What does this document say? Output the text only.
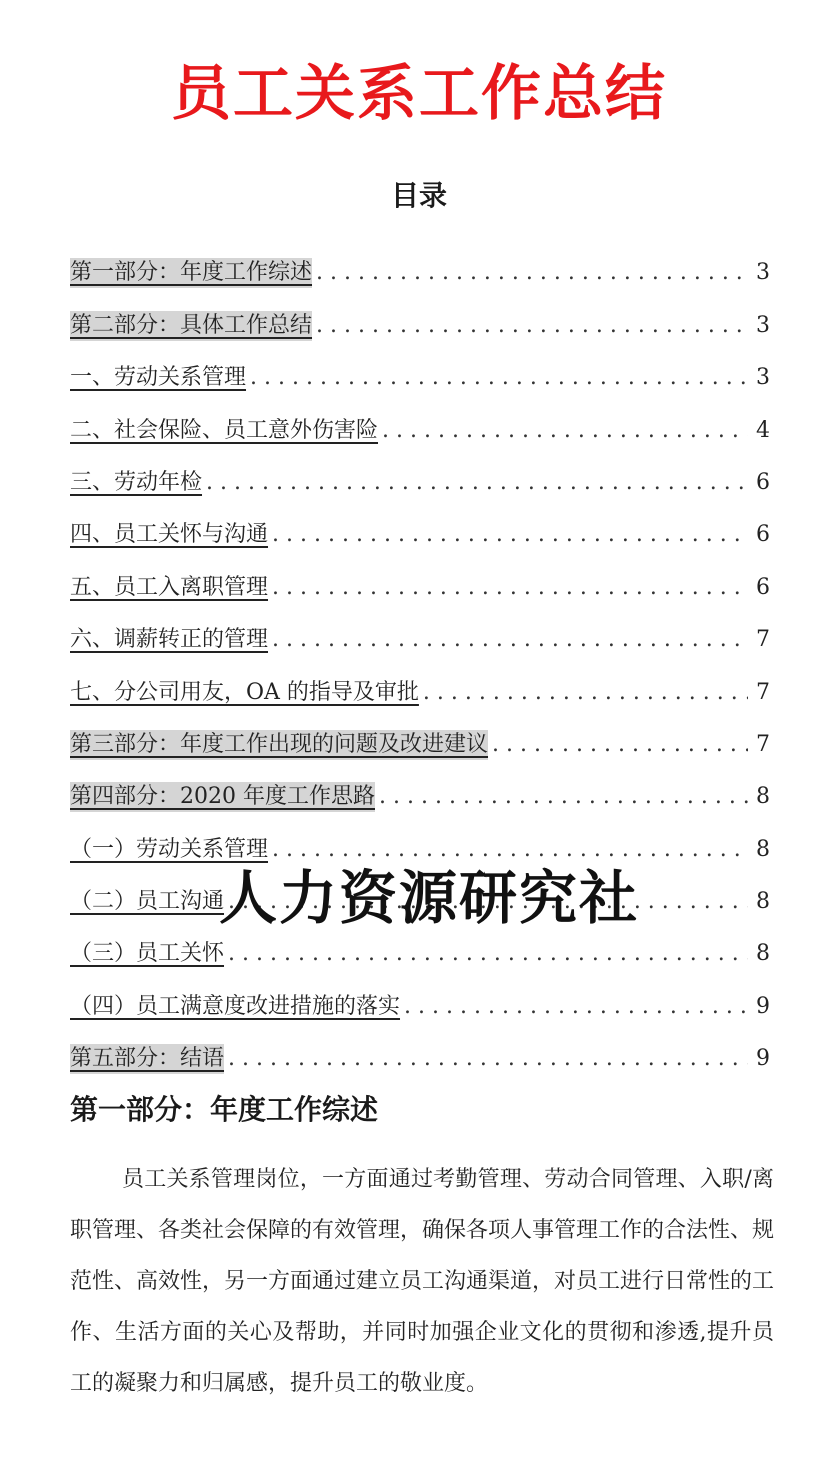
员工关系工作总结
目录
第一部分：年度工作综述 .....	3
第二部分：具体工作总结 .....	3
一、劳动关系管理 .....	3
二、社会保险、员工意外伤害险 .....	4
三、劳动年检 .....	6
四、员工关怀与沟通 .....	6
五、员工入离职管理 .....	6
六、调薪转正的管理 .....	7
七、分公司用友，OA 的指导及审批 .....	7
第三部分：年度工作出现的问题及改进建议 .....	7
第四部分：2020 年度工作思路 .....	8
（一）劳动关系管理 .....	8
（二）员工沟通 .....	8
（三）员工关怀 .....	8
（四）员工满意度改进措施的落实 .....	9
第五部分：结语 .....	9
人力资源研究社
第一部分：年度工作综述

员工关系管理岗位，一方面通过考勤管理、劳动合同管理、入职/离职管理、各类社会保障的有效管理，确保各项人事管理工作的合法性、规范性、高效性，另一方面通过建立员工沟通渠道，对员工进行日常性的工作、生活方面的关心及帮助，并同时加强企业文化的贯彻和渗透,提升员工的凝聚力和归属感，提升员工的敬业度。
